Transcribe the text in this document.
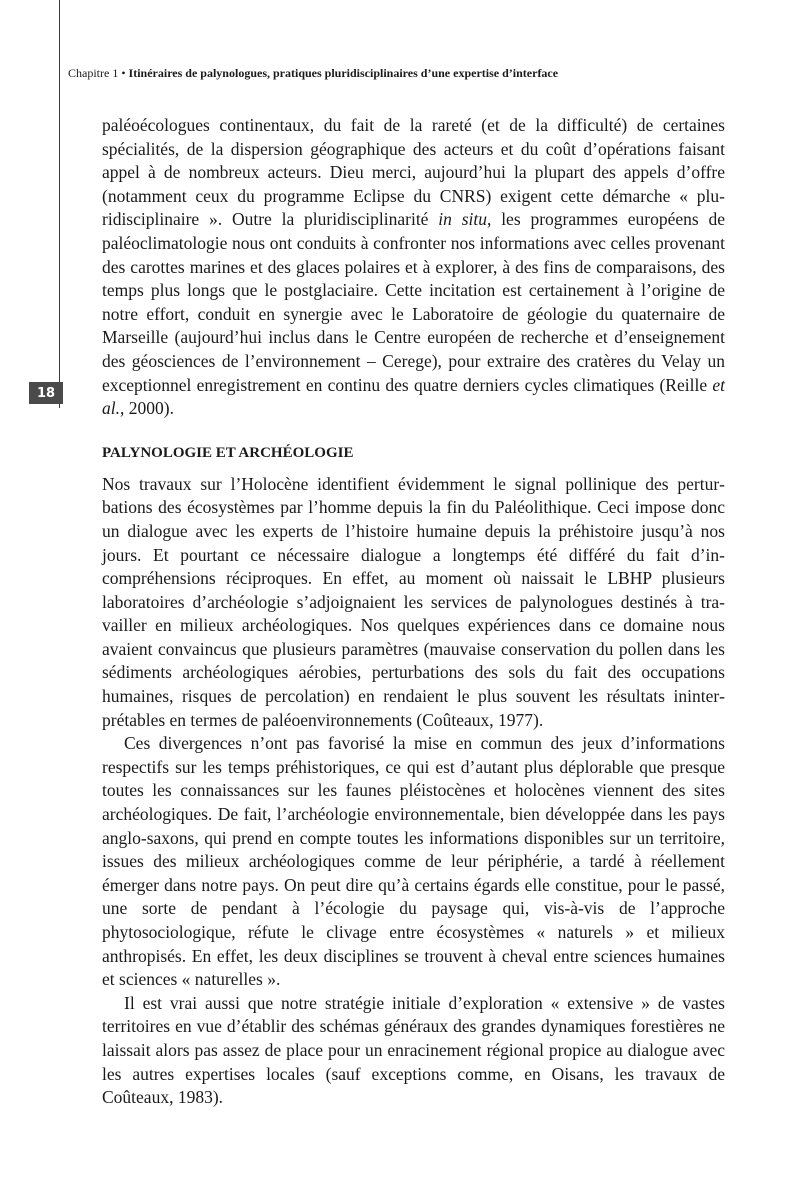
18
Chapitre 1 • Itinéraires de palynologues, pratiques pluridisciplinaires d’une expertise d’interface

paléoécologues continentaux, du fait de la rareté (et de la difficulté) de certaines spécialités, de la dispersion géographique des acteurs et du coût d’opérations faisant appel à de nombreux acteurs. Dieu merci, aujourd’hui la plupart des appels d’offre (notamment ceux du programme Eclipse du CNRS) exigent cette démarche « pluridisciplinaire ». Outre la pluridisciplinarité in situ, les programmes européens de paléoclimatologie nous ont conduits à confronter nos informations avec celles provenant des carottes marines et des glaces polaires et à explorer, à des fins de comparaisons, des temps plus longs que le postglaciaire. Cette incitation est certainement à l’origine de notre effort, conduit en synergie avec le Laboratoire de géologie du quaternaire de Marseille (aujourd’hui inclus dans le Centre européen de recherche et d’enseignement des géosciences de l’environnement – Cerege), pour extraire des cratères du Velay un exceptionnel enregistrement en continu des quatre derniers cycles climatiques (Reille et al., 2000).

PALYNOLOGIE ET ARCHÉOLOGIE

Nos travaux sur l’Holocène identifient évidemment le signal pollinique des perturbations des écosystèmes par l’homme depuis la fin du Paléolithique. Ceci impose donc un dialogue avec les experts de l’histoire humaine depuis la préhistoire jusqu’à nos jours. Et pourtant ce nécessaire dialogue a longtemps été différé du fait d’incompréhensions réciproques. En effet, au moment où naissait le LBHP plusieurs laboratoires d’archéologie s’adjoignaient les services de palynologues destinés à travailler en milieux archéologiques. Nos quelques expériences dans ce domaine nous avaient convaincus que plusieurs paramètres (mauvaise conservation du pollen dans les sédiments archéologiques aérobies, perturbations des sols du fait des occupations humaines, risques de percolation) en rendaient le plus souvent les résultats ininterprétables en termes de paléoenvironnements (Coûteaux, 1977).

Ces divergences n’ont pas favorisé la mise en commun des jeux d’informations respectifs sur les temps préhistoriques, ce qui est d’autant plus déplorable que presque toutes les connaissances sur les faunes pléistocènes et holocènes viennent des sites archéologiques. De fait, l’archéologie environnementale, bien développée dans les pays anglo-saxons, qui prend en compte toutes les informations disponibles sur un territoire, issues des milieux archéologiques comme de leur périphérie, a tardé à réellement émerger dans notre pays. On peut dire qu’à certains égards elle constitue, pour le passé, une sorte de pendant à l’écologie du paysage qui, vis-à-vis de l’approche phytosociologique, réfute le clivage entre écosystèmes « naturels » et milieux anthropisés. En effet, les deux disciplines se trouvent à cheval entre sciences humaines et sciences « naturelles ».

Il est vrai aussi que notre stratégie initiale d’exploration « extensive » de vastes territoires en vue d’établir des schémas généraux des grandes dynamiques forestières ne laissait alors pas assez de place pour un enracinement régional propice au dialogue avec les autres expertises locales (sauf exceptions comme, en Oisans, les travaux de Coûteaux, 1983).
